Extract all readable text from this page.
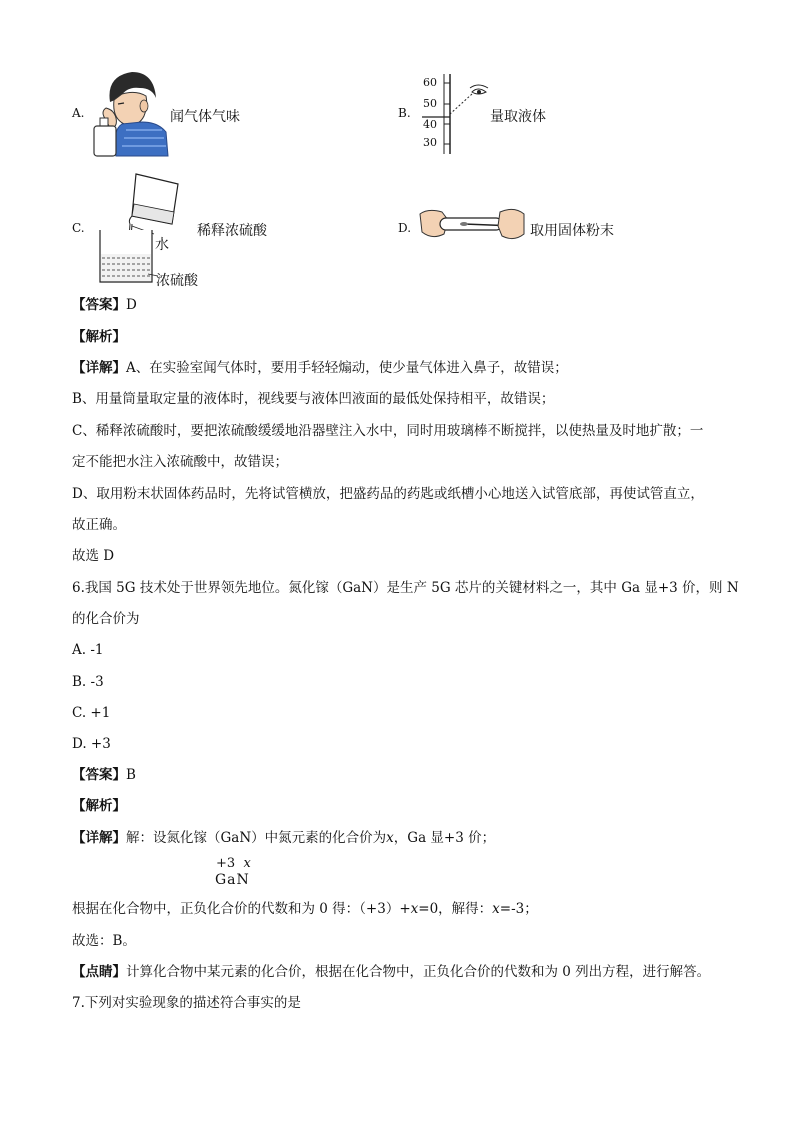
A.	闻气体气味	B.
60
50
40
30
量取液体
C.
水
浓硫酸
稀释浓硫酸	D.	取用固体粉末
【答案】D
【解析】
【详解】A、在实验室闻气体时，要用手轻轻煽动，使少量气体进入鼻子，故错误；
B、用量筒量取定量的液体时，视线要与液体凹液面的最低处保持相平，故错误；
C、稀释浓硫酸时，要把浓硫酸缓缓地沿器壁注入水中，同时用玻璃棒不断搅拌，以使热量及时地扩散；一
定不能把水注入浓硫酸中，故错误；
D、取用粉末状固体药品时，先将试管横放，把盛药品的药匙或纸槽小心地送入试管底部，再使试管直立，
故正确。
故选 D
6.我国 5G 技术处于世界领先地位。氮化镓（GaN）是生产 5G 芯片的关键材料之一，其中 Ga 显+3 价，则 N
的化合价为
A. -1
B. -3
C. +1
D. +3
【答案】B
【解析】
【详解】解：设氮化镓（GaN）中氮元素的化合价为x，Ga 显+3 价；
+3 x
GaN
根据在化合物中，正负化合价的代数和为 0 得：（+3）+x=0，解得：x=-3；
故选：B。
【点睛】计算化合物中某元素的化合价，根据在化合物中，正负化合价的代数和为 0 列出方程，进行解答。
7.下列对实验现象的描述符合事实的是
